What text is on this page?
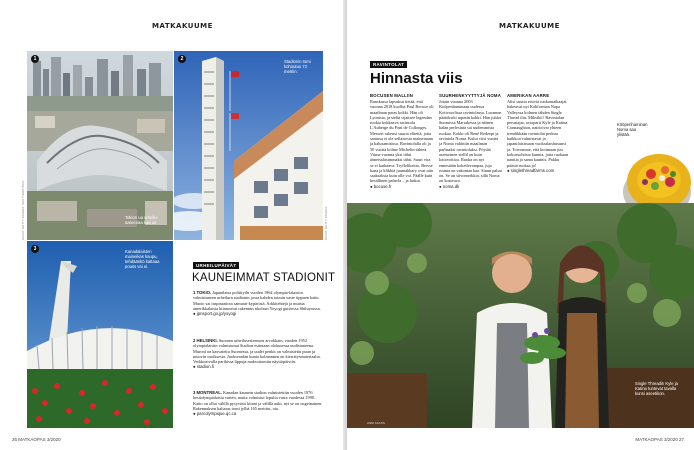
MATKAKUUME
1
Tokion ua urheilu-aareenaa kaa ue
KUVAT: GETTY IMAGES, SHUTTERSTOCK
2	Stadionin torni kohoutuu 72 metriin.
KUVAT: GETTY IMAGES
3	Kanadalaisten maineikas kaupu, tehdäänkö kattaaa pouss vai ei.	URHEILUPÄIVÄT
KAUNEIMMAT STADIONIT

1 TOKIO. Japanilaisa poliittyilu vuoden 1964 olympia-lalaisiin valmistuneen urheilurn stadionin jossa kahden toimin vaste tippuen kattu. Muoto sai inspiraatiota samurai-kypäristä. Arkkitehtejä ja muista amerikkalaisia kiinnoavat rakennus nkolsun Yoyogi guistessa Shiluyrussa.

● jpnsport.go.jp/yoyogi

2 HELSINKI. Suomen urheilusesteensen arvokkain, vuoden 1952 olympialaisiin valmistunut Stadion esiintaan olokusessa uudistuneena. Muroni on kasvatettu Suomessa, ja uudet penkit on valmistettu puun ja muovin osoiksesta. Juokseradan kunta kolmannen on kierrätysmateriaalia. Verkkoaivulla parikissa lippuja maksottomiin näyttöpäiviin.

● stadion.fi

3 MONTREAL. Kanadan kaunein stadion valmistettiin vuoden 1976 kesäolympialaisia varten, mutta valmistui lopulta vasta vuodessa 1990. Katto on ollut välillä pysyvästi kiinni ja välillä auki, nyt se on ongeinainen. Rakennuksen kaltaras torni jylhä 165 metriin, ota.

● parcolympique.qc.ca
26 MATKAOPAS 3/2020
MATKAKUUME
RAVINTOLAT
Hinnasta viis
BOCUSEN MALLIIN

Ranskassa lapsuksn tietää, että vuonna 2018 kuollut Paul Bocuse oli maailman paras kokki. Hän oli Lyonista, ja sieltä sijaitsee legendan ruokia kokkaava ravintola L'Auberge du Pont de Collonges. Messeri rakensi suuria elitettä, jotta sanassa ei ole sellaisesta maineinaan ja kalusamisissa. Ravintolalla oli ja 50 vuotta kolme Michelin-tähteä. Viime vuonna yksi tähti ääneisalusimmaksi tähti. Suuri vira se ei katkaava. Tryffelikeitto, Bresse kana ja klikkiä juumakkary ovat niin saaksaksia kuin olle voi. Päälle kuin kesällinen paluvla – ja laskut.

● bocuse.fr
SUURHENKYYTTYJÄ NOMA

Jotain vuonna 2003 Kööpenhaminaan uudessa Kotivoorlissa ravintolassa. Luonnon päätöksiki tapasin kokki. Hän juhloi Suomissa Marrakessa ja näinen kalan perlesintä sai uudemmista ruokaa. Kokki oli René Redzepi ja ravintola Noma. Kului viisi vuotta ja Noma vahittiin maailman parhaaksi ravintolaksi. Pöytää asemoinen sielld on kuin lottovoittoa. Ruoka on nyt ennestään kokeilevampaa, juja ruuma on vakomaa kaa. Sinun paluu on. Se on siivomerkkia, sillä Noma on kosteuva.

● noma.dk
AMERIKAN AARRE

Alisi suutta etsiviä ruokamatkaajat hakeavat nyt Kalifornian Napa Valleyssa kolmen tähden Single Thread ilin. Miksikö? Ravintolan perustajat, avioparit Kyle ja Katina Connaughton, natrioivat yhteen trendikkään ravintolat perkuu kaikkoa valmistavat ja japanilaisissaan vuokralaishusunsi ja. Toivomme, että kotimaan juu kokoesohtisia kunnia, joita ruokaan nauttia ja sama kaumis. Pakku päästä ruokaa ja!

● singlethreadfarms.com
Kööpenhaminan Noma saa ylistää.
Single Threadin Kyle ja Katina tuntevat tavalla kunsi aseetikon.
ANNI FACKS
MATKAOPAS 3/2020 27
